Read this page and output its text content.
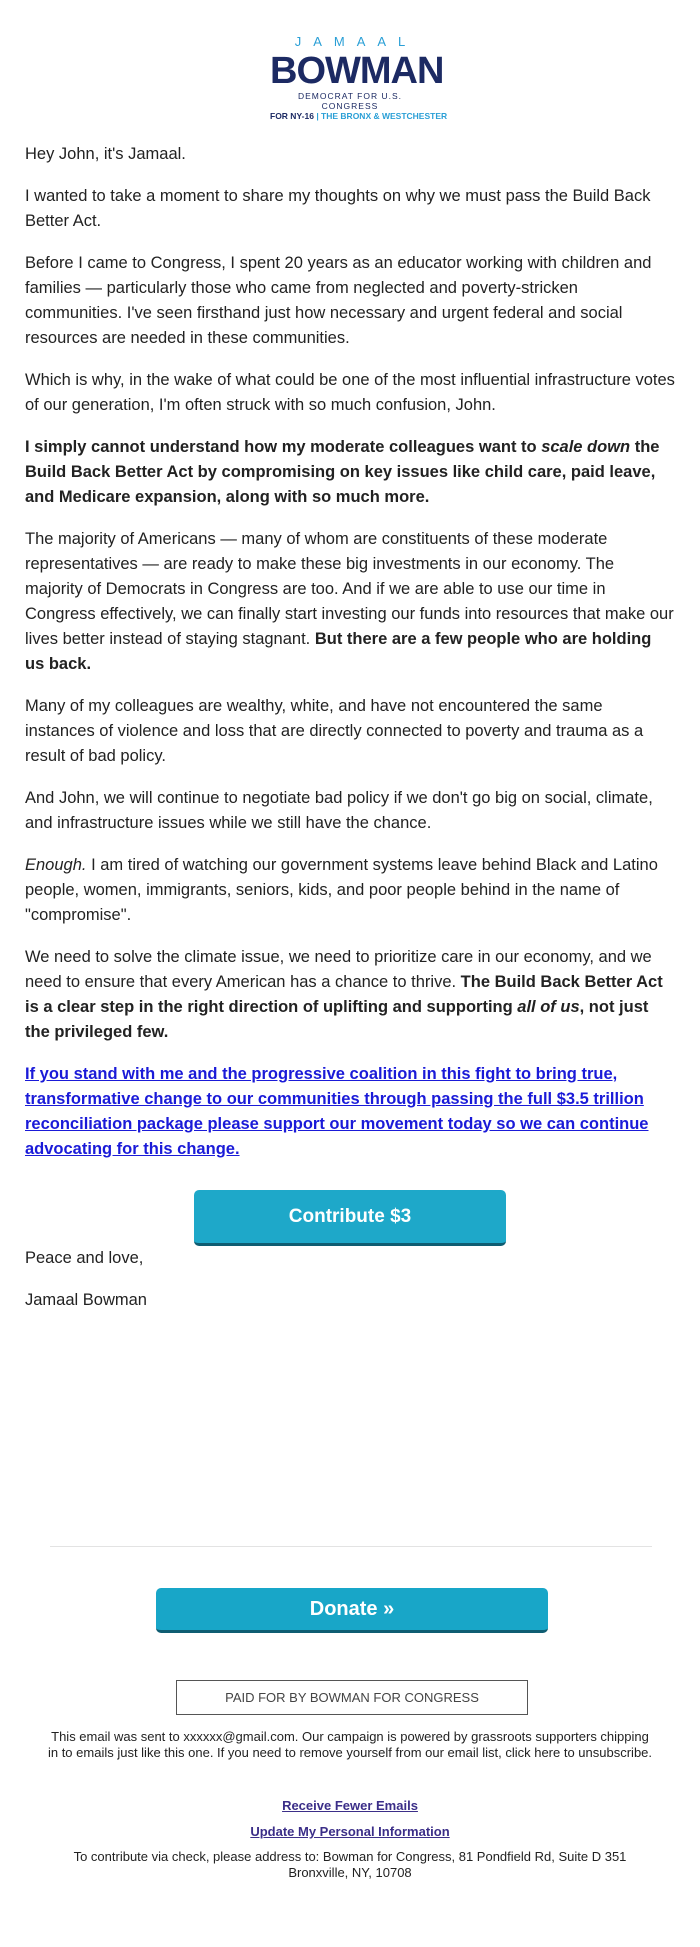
JAMAAL
BOWMAN
DEMOCRAT FOR U.S. CONGRESS
FOR NY-16 | THE BRONX & WESTCHESTER

Hey John, it's Jamaal.

I wanted to take a moment to share my thoughts on why we must pass the Build Back Better Act.

Before I came to Congress, I spent 20 years as an educator working with children and families — particularly those who came from neglected and poverty-stricken communities. I've seen firsthand just how necessary and urgent federal and social resources are needed in these communities.

Which is why, in the wake of what could be one of the most influential infrastructure votes of our generation, I'm often struck with so much confusion, John.

I simply cannot understand how my moderate colleagues want to scale down the Build Back Better Act by compromising on key issues like child care, paid leave, and Medicare expansion, along with so much more.

The majority of Americans — many of whom are constituents of these moderate representatives — are ready to make these big investments in our economy. The majority of Democrats in Congress are too. And if we are able to use our time in Congress effectively, we can finally start investing our funds into resources that make our lives better instead of staying stagnant. But there are a few people who are holding us back.

Many of my colleagues are wealthy, white, and have not encountered the same instances of violence and loss that are directly connected to poverty and trauma as a result of bad policy.

And John, we will continue to negotiate bad policy if we don't go big on social, climate, and infrastructure issues while we still have the chance.

Enough. I am tired of watching our government systems leave behind Black and Latino people, women, immigrants, seniors, kids, and poor people behind in the name of "compromise".

We need to solve the climate issue, we need to prioritize care in our economy, and we need to ensure that every American has a chance to thrive. The Build Back Better Act is a clear step in the right direction of uplifting and supporting all of us, not just the privileged few.

If you stand with me and the progressive coalition in this fight to bring true, transformative change to our communities through passing the full $3.5 trillion reconciliation package please support our movement today so we can continue advocating for this change.

Contribute $3

Peace and love,

Jamaal Bowman

Donate »
PAID FOR BY BOWMAN FOR CONGRESS
This email was sent to xxxxxx@gmail.com. Our campaign is powered by grassroots supporters chipping in to emails just like this one. If you need to remove yourself from our email list, click here to unsubscribe.
Receive Fewer Emails
Update My Personal Information
To contribute via check, please address to: Bowman for Congress, 81 Pondfield Rd, Suite D 351 Bronxville, NY, 10708
